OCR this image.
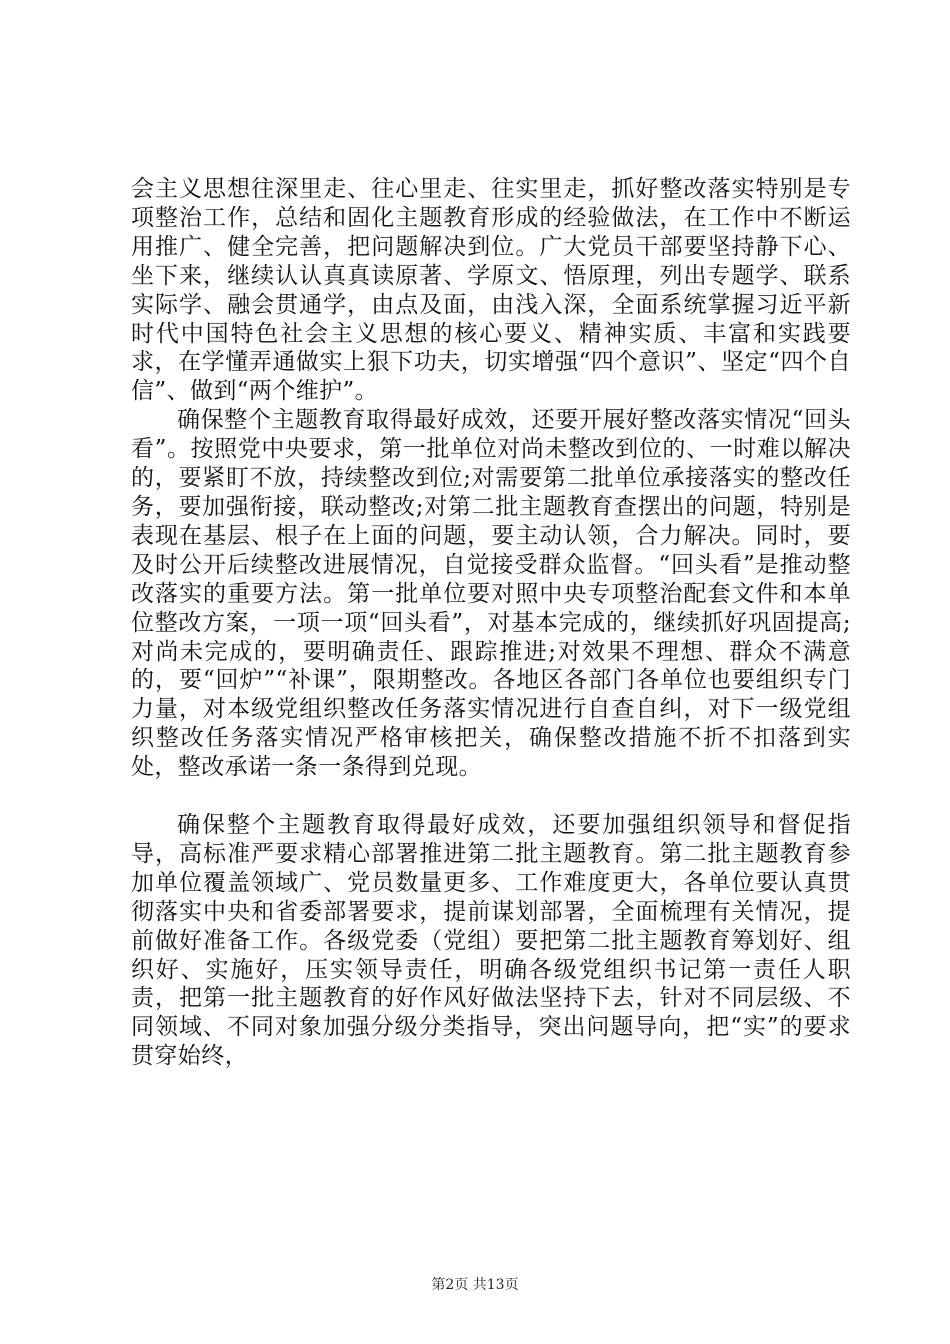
会主义思想往深里走、往心里走、往实里走，抓好整改落实特别是专项整治工作，总结和固化主题教育形成的经验做法，在工作中不断运用推广、健全完善，把问题解决到位。广大党员干部要坚持静下心、坐下来，继续认认真真读原著、学原文、悟原理，列出专题学、联系实际学、融会贯通学，由点及面，由浅入深，全面系统掌握习近平新时代中国特色社会主义思想的核心要义、精神实质、丰富和实践要求，在学懂弄通做实上狠下功夫，切实增强“四个意识”、坚定“四个自信”、做到“两个维护”。

确保整个主题教育取得最好成效，还要开展好整改落实情况“回头看”。按照党中央要求，第一批单位对尚未整改到位的、一时难以解决的，要紧盯不放，持续整改到位;对需要第二批单位承接落实的整改任务，要加强衔接，联动整改;对第二批主题教育查摆出的问题，特别是表现在基层、根子在上面的问题，要主动认领，合力解决。同时，要及时公开后续整改进展情况，自觉接受群众监督。“回头看”是推动整改落实的重要方法。第一批单位要对照中央专项整治配套文件和本单位整改方案，一项一项“回头看”，对基本完成的，继续抓好巩固提高;对尚未完成的，要明确责任、跟踪推进;对效果不理想、群众不满意的，要“回炉”“补课”，限期整改。各地区各部门各单位也要组织专门力量，对本级党组织整改任务落实情况进行自查自纠，对下一级党组织整改任务落实情况严格审核把关，确保整改措施不折不扣落到实处，整改承诺一条一条得到兑现。

确保整个主题教育取得最好成效，还要加强组织领导和督促指导，高标准严要求精心部署推进第二批主题教育。第二批主题教育参加单位覆盖领域广、党员数量更多、工作难度更大，各单位要认真贯彻落实中央和省委部署要求，提前谋划部署，全面梳理有关情况，提前做好准备工作。各级党委（党组）要把第二批主题教育筹划好、组织好、实施好，压实领导责任，明确各级党组织书记第一责任人职责，把第一批主题教育的好作风好做法坚持下去，针对不同层级、不同领域、不同对象加强分级分类指导，突出问题导向，把“实”的要求贯穿始终，

第2页 共13页
